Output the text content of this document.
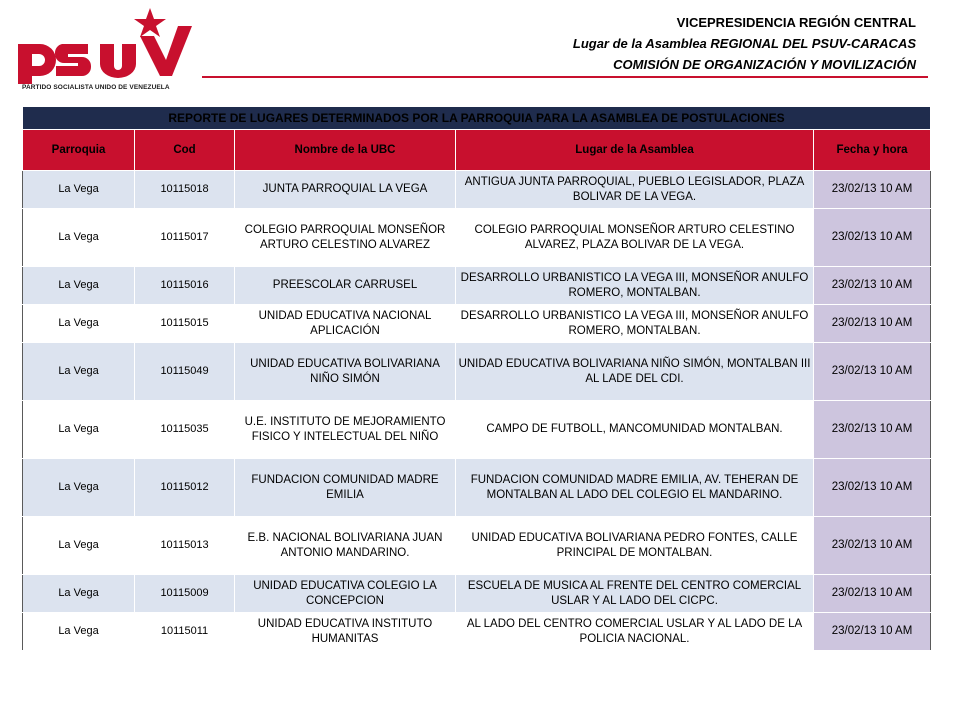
PARTIDO SOCIALISTA UNIDO DE VENEZUELA
VICEPRESIDENCIA REGIÓN CENTRAL
Lugar de la Asamblea REGIONAL DEL PSUV-CARACAS
COMISIÓN DE ORGANIZACIÓN Y MOVILIZACIÓN
REPORTE DE LUGARES DETERMINADOS POR LA PARROQUIA PARA LA ASAMBLEA DE POSTULACIONES				
Parroquia	Cod	Nombre de la UBC	Lugar de la Asamblea	Fecha y hora
La Vega	10115018	JUNTA PARROQUIAL LA VEGA	ANTIGUA JUNTA PARROQUIAL, PUEBLO LEGISLADOR, PLAZA BOLIVAR DE LA VEGA.	23/02/13 10 AM
La Vega	10115017	COLEGIO PARROQUIAL MONSEÑOR ARTURO CELESTINO ALVAREZ	COLEGIO PARROQUIAL MONSEÑOR ARTURO CELESTINO ALVAREZ, PLAZA BOLIVAR DE LA VEGA.	23/02/13 10 AM
La Vega	10115016	PREESCOLAR CARRUSEL	DESARROLLO URBANISTICO LA VEGA III, MONSEÑOR ANULFO ROMERO, MONTALBAN.	23/02/13 10 AM
La Vega	10115015	UNIDAD EDUCATIVA NACIONAL APLICACIÓN	DESARROLLO URBANISTICO LA VEGA III, MONSEÑOR ANULFO ROMERO, MONTALBAN.	23/02/13 10 AM
La Vega	10115049	UNIDAD EDUCATIVA BOLIVARIANA NIÑO SIMÓN	UNIDAD EDUCATIVA BOLIVARIANA NIÑO SIMÓN, MONTALBAN III AL LADE DEL CDI.	23/02/13 10 AM
La Vega	10115035	U.E. INSTITUTO DE MEJORAMIENTO FISICO Y INTELECTUAL DEL NIÑO	CAMPO DE FUTBOLL, MANCOMUNIDAD MONTALBAN.	23/02/13 10 AM
La Vega	10115012	FUNDACION COMUNIDAD MADRE EMILIA	FUNDACION COMUNIDAD MADRE EMILIA, AV. TEHERAN DE MONTALBAN AL LADO DEL COLEGIO EL MANDARINO.	23/02/13 10 AM
La Vega	10115013	E.B. NACIONAL BOLIVARIANA JUAN ANTONIO MANDARINO.	UNIDAD EDUCATIVA BOLIVARIANA PEDRO FONTES, CALLE PRINCIPAL DE MONTALBAN.	23/02/13 10 AM
La Vega	10115009	UNIDAD EDUCATIVA COLEGIO LA CONCEPCION	ESCUELA DE MUSICA AL FRENTE DEL CENTRO COMERCIAL USLAR Y AL LADO DEL CICPC.	23/02/13 10 AM
La Vega	10115011	UNIDAD EDUCATIVA INSTITUTO HUMANITAS	AL LADO DEL CENTRO COMERCIAL USLAR Y AL LADO DE LA POLICIA NACIONAL.	23/02/13 10 AM
